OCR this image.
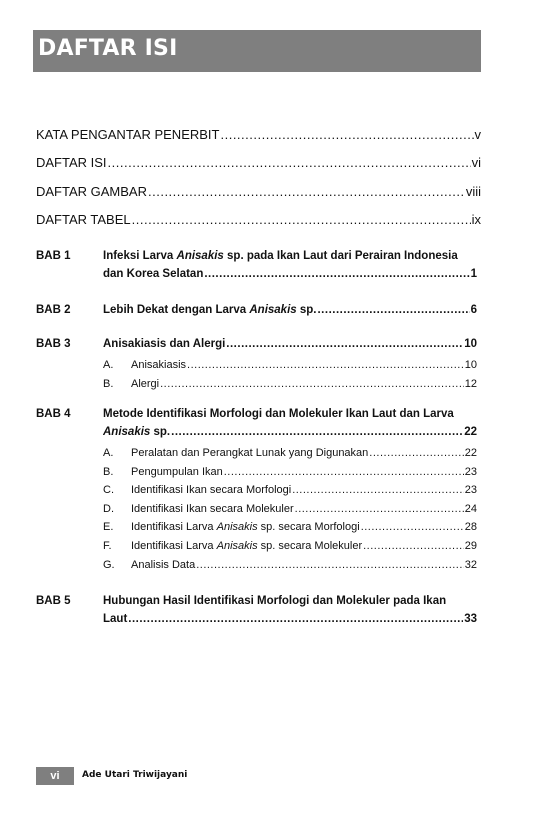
DAFTAR ISI
KATA PENGANTAR PENERBIT .....	v
DAFTAR ISI .....	vi
DAFTAR GAMBAR .....	viii
DAFTAR TABEL .....	ix
BAB 1	Infeksi Larva Anisakis sp. pada Ikan Laut dari Perairan Indonesia
dan Korea Selatan .....	1
BAB 2	Lebih Dekat dengan Larva Anisakis sp. .....	6
BAB 3	Anisakiasis dan Alergi .....	10
A.	Anisakiasis .....	10
B.	Alergi .....	12
BAB 4	Metode Identifikasi Morfologi dan Molekuler Ikan Laut dan Larva
Anisakis sp. .....	22
A.	Peralatan dan Perangkat Lunak yang Digunakan .....	22
B.	Pengumpulan Ikan .....	23
C.	Identifikasi Ikan secara Morfologi .....	23
D.	Identifikasi Ikan secara Molekuler .....	24
E.	Identifikasi Larva Anisakis sp. secara Morfologi .....	28
F.	Identifikasi Larva Anisakis sp. secara Molekuler .....	29
G.	Analisis Data .....	32
BAB 5	Hubungan Hasil Identifikasi Morfologi dan Molekuler pada Ikan
Laut .....	33
vi	Ade Utari Triwijayani
